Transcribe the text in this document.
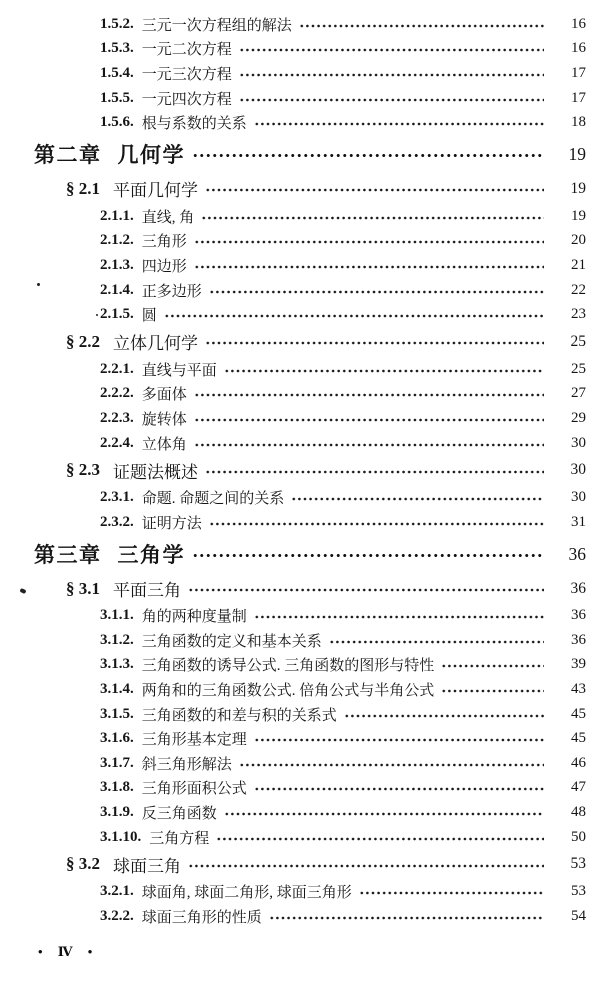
1.5.2. 三元一次方程组的解法	16
1.5.3. 一元二次方程	16
1.5.4. 一元三次方程	17
1.5.5. 一元四次方程	17
1.5.6. 根与系数的关系	18
第二章 几何学	19
§ 2.1 平面几何学	19
2.1.1. 直线, 角	19
2.1.2. 三角形	20
2.1.3. 四边形	21
2.1.4. 正多边形	22
2.1.5. 圆	23
§ 2.2 立体几何学	25
2.2.1. 直线与平面	25
2.2.2. 多面体	27
2.2.3. 旋转体	29
2.2.4. 立体角	30
§ 2.3 证题法概述	30
2.3.1. 命题. 命题之间的关系	30
2.3.2. 证明方法	31
第三章 三角学	36
§ 3.1 平面三角	36
3.1.1. 角的两种度量制	36
3.1.2. 三角函数的定义和基本关系	36
3.1.3. 三角函数的诱导公式. 三角函数的图形与特性	39
3.1.4. 两角和的三角函数公式. 倍角公式与半角公式	43
3.1.5. 三角函数的和差与积的关系式	45
3.1.6. 三角形基本定理	45
3.1.7. 斜三角形解法	46
3.1.8. 三角形面积公式	47
3.1.9. 反三角函数	48
3.1.10. 三角方程	50
§ 3.2 球面三角	53
3.2.1. 球面角, 球面二角形, 球面三角形	53
3.2.2. 球面三角形的性质	54
• Ⅳ •
